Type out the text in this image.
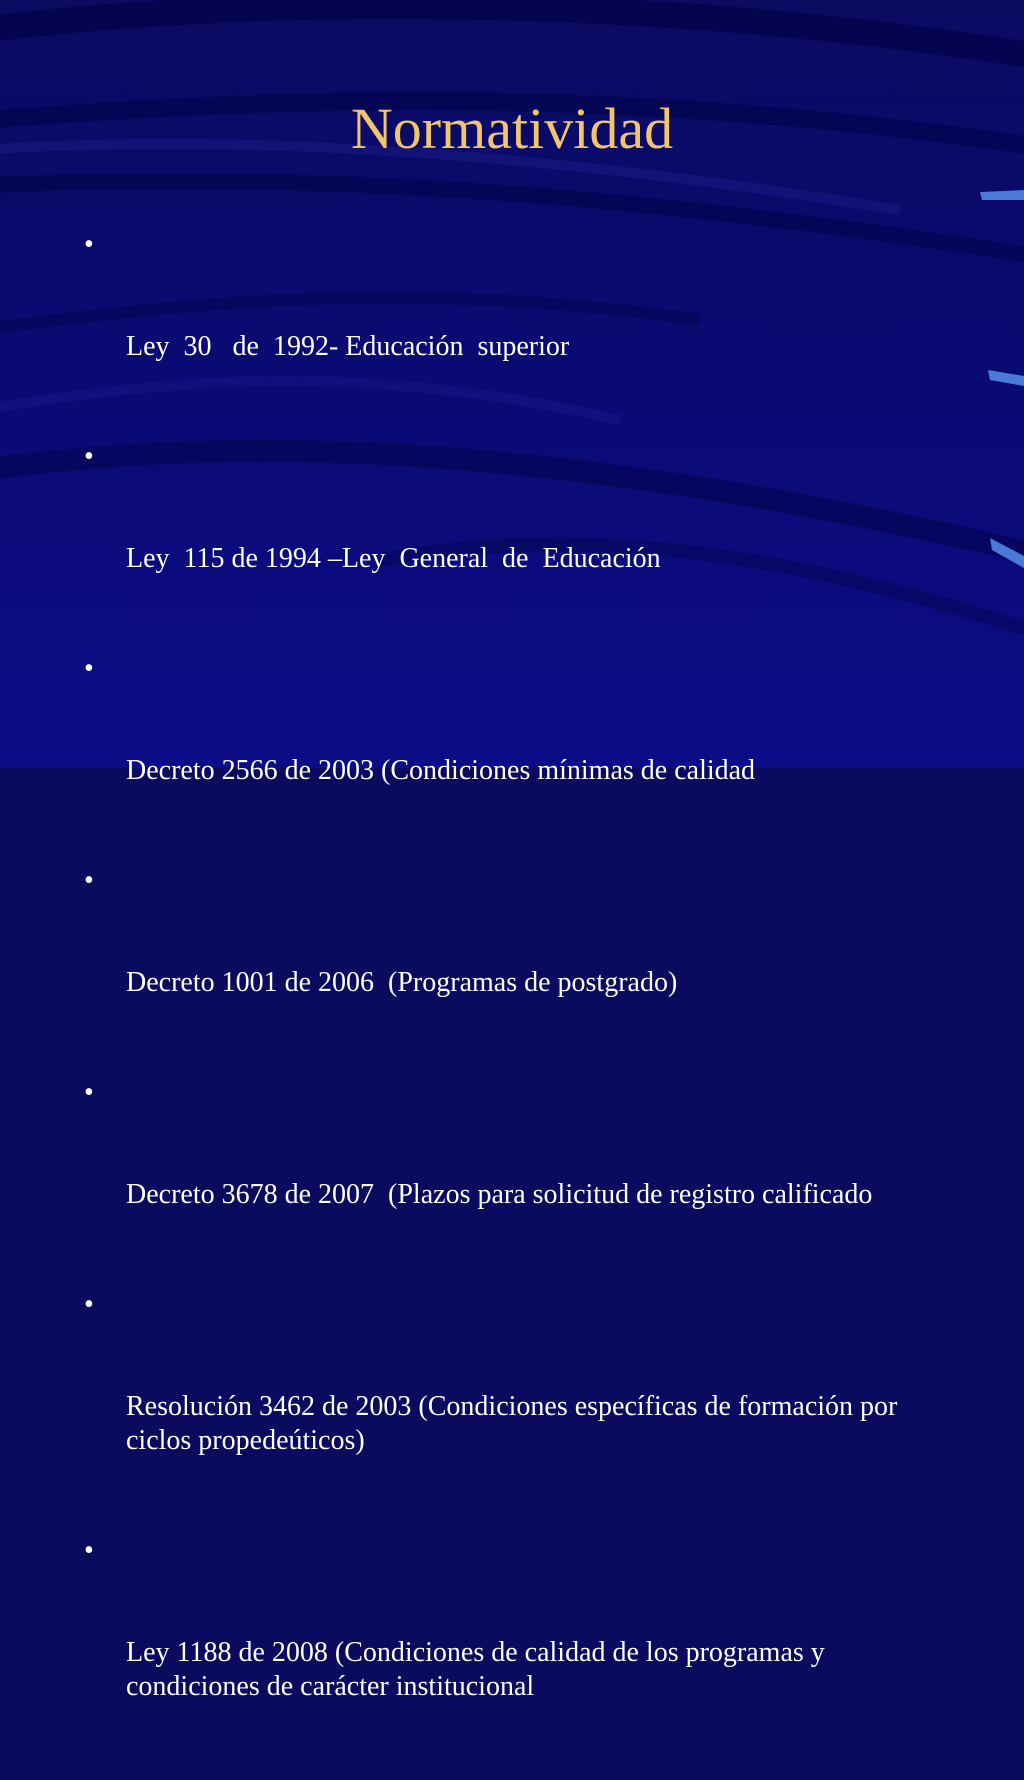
Normatividad

•

Ley  30   de  1992- Educación  superior

•

Ley  115 de 1994 –Ley  General  de  Educación

•

Decreto 2566 de 2003 (Condiciones mínimas de calidad

•

Decreto 1001 de 2006  (Programas de postgrado)

•

Decreto 3678 de 2007  (Plazos para solicitud de registro calificado

•

Resolución 3462 de 2003 (Condiciones específicas de formación por ciclos propedeúticos)

•

Ley 1188 de 2008 (Condiciones de calidad de los programas y condiciones de carácter institucional
